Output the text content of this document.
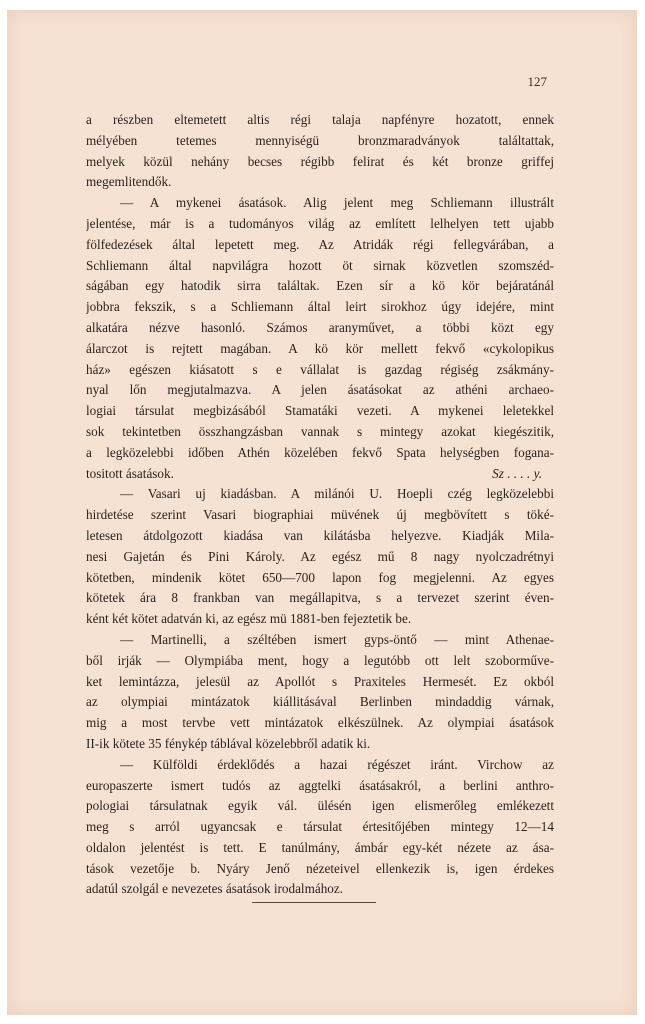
127
a részben eltemetett altis régi talaja napfényre hozatott, ennek
mélyében tetemes mennyiségü bronzmaradványok találtattak,
melyek közül nehány becses régibb felirat és két bronze griffej
megemlitendők.
— A mykenei ásatások. Alig jelent meg Schliemann illustrált
jelentése, már is a tudományos világ az említett lelhelyen tett ujabb
fölfedezések által lepetett meg. Az Atridák régi fellegvárában, a
Schliemann által napvilágra hozott öt sirnak közvetlen szomszéd-
ságában egy hatodik sirra találtak. Ezen sír a kö kör bejáratánál
jobbra fekszik, s a Schliemann által leirt sirokhoz úgy idejére, mint
alkatára nézve hasonló. Számos aranyművet, a többi közt egy
álarczot is rejtett magában. A kö kör mellett fekvő «cykolopikus
ház» egészen kiásatott s e vállalat is gazdag régiség zsákmány-
nyal lőn megjutalmazva. A jelen ásatásokat az athéni archaeo-
logiai társulat megbizásából Stamatáki vezeti. A mykenei leletekkel
sok tekintetben összhangzásban vannak s mintegy azokat kiegészitik,
a legközelebbi időben Athén közelében fekvő Spata helységben fogana-
tositott ásatások.	Sz . . . . y.
— Vasari uj kiadásban. A milánói U. Hoepli czég legközelebbi
hirdetése szerint Vasari biographiai müvének új megbövített s töké-
letesen átdolgozott kiadása van kilátásba helyezve. Kiadják Mila-
nesi Gajetán és Pini Károly. Az egész mű 8 nagy nyolczadrétnyi
kötetben, mindenik kötet 650—700 lapon fog megjelenni. Az egyes
kötetek ára 8 frankban van megállapitva, s a tervezet szerint éven-
ként két kötet adatván ki, az egész mü 1881-ben fejeztetik be.
— Martinelli, a széltében ismert gyps-öntő — mint Athenae-
ből irják — Olympiába ment, hogy a legutóbb ott lelt szoborműve-
ket lemintázza, jelesül az Apollót s Praxiteles Hermesét. Ez okból
az olympiai mintázatok kiállitásával Berlinben mindaddig várnak,
mig a most tervbe vett mintázatok elkészülnek. Az olympiai ásatások
II-ik kötete 35 fénykép táblával közelebbről adatik ki.
— Külföldi érdeklődés a hazai régészet iránt. Virchow az
europaszerte ismert tudós az aggtelki ásatásakról, a berlini anthro-
pologiai társulatnak egyik vál. ülésén igen elismerőleg emlékezett
meg s arról ugyancsak e társulat értesitőjében mintegy 12—14
oldalon jelentést is tett. E tanúlmány, ámbár egy-két nézete az ása-
tások vezetője b. Nyáry Jenő nézeteivel ellenkezik is, igen érdekes
adatúl szolgál e nevezetes ásatások irodalmához.
